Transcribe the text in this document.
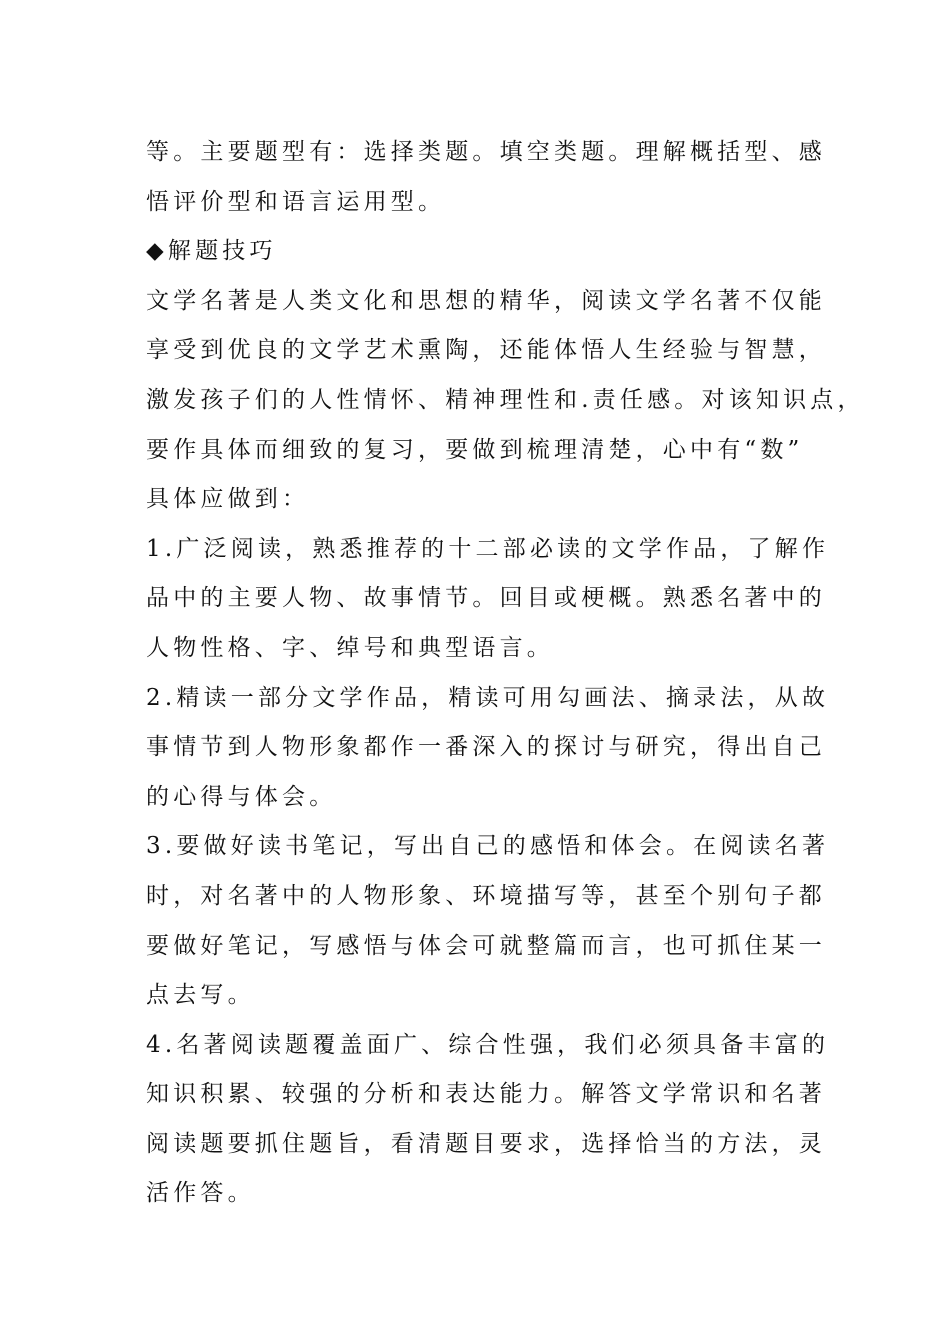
等。主要题型有：选择类题。填空类题。理解概括型、感
悟评价型和语言运用型。
◆解题技巧
文学名著是人类文化和思想的精华，阅读文学名著不仅能
享受到优良的文学艺术熏陶，还能体悟人生经验与智慧，
激发孩子们的人性情怀、精神理性和.责任感。对该知识点，
要作具体而细致的复习，要做到梳理清楚，心中有“数”
具体应做到：
1.广泛阅读，熟悉推荐的十二部必读的文学作品，了解作
品中的主要人物、故事情节。回目或梗概。熟悉名著中的
人物性格、字、绰号和典型语言。
2.精读一部分文学作品，精读可用勾画法、摘录法，从故
事情节到人物形象都作一番深入的探讨与研究，得出自己
的心得与体会。
3.要做好读书笔记，写出自己的感悟和体会。在阅读名著
时，对名著中的人物形象、环境描写等，甚至个别句子都
要做好笔记，写感悟与体会可就整篇而言，也可抓住某一
点去写。
4.名著阅读题覆盖面广、综合性强，我们必须具备丰富的
知识积累、较强的分析和表达能力。解答文学常识和名著
阅读题要抓住题旨，看清题目要求，选择恰当的方法，灵
活作答。
